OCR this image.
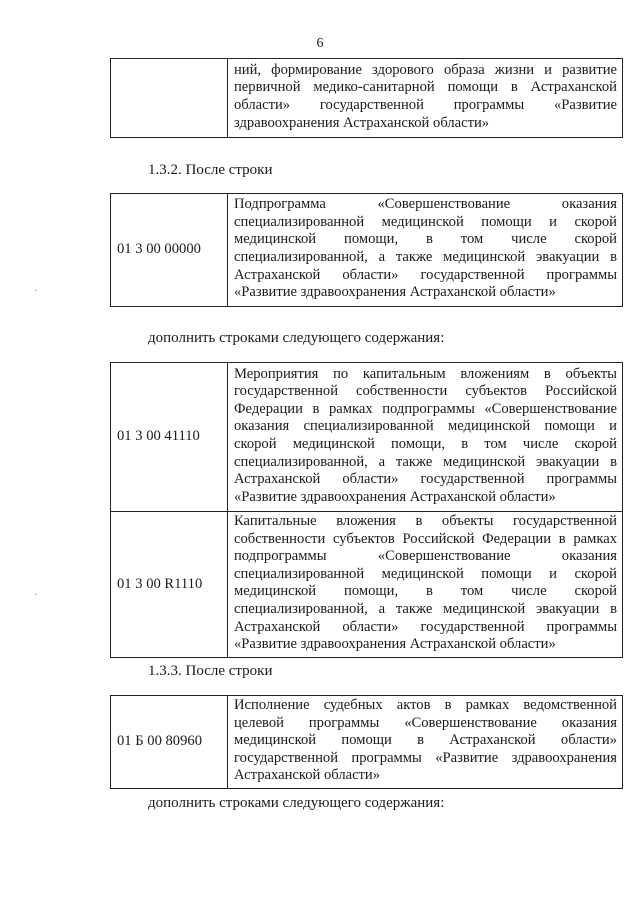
6
	ний, формирование здорового образа жизни и развитие первичной медико-санитарной помощи в Астраханской области» государственной программы «Развитие здравоохранения Астраханской области»
1.3.2. После строки
01 3 00 00000	Подпрограмма «Совершенствование оказания специализированной медицинской помощи и скорой медицинской помощи, в том числе скорой специализированной, а также медицинской эвакуации в Астраханской области» государственной программы «Развитие здравоохранения Астраханской области»
дополнить строками следующего содержания:
01 3 00 41110	Мероприятия по капитальным вложениям в объекты государственной собственности субъектов Российской Федерации в рамках подпрограммы «Совершенствование оказания специализированной медицинской помощи и скорой медицинской помощи, в том числе скорой специализированной, а также медицинской эвакуации в Астраханской области» государственной программы «Развитие здравоохранения Астраханской области»
01 3 00 R1110	Капитальные вложения в объекты государственной собственности субъектов Российской Федерации в рамках подпрограммы «Совершенствование оказания специализированной медицинской помощи и скорой медицинской помощи, в том числе скорой специализированной, а также медицинской эвакуации в Астраханской области» государственной программы «Развитие здравоохранения Астраханской области»
1.3.3. После строки
01 Б 00 80960	Исполнение судебных актов в рамках ведомственной целевой программы «Совершенствование оказания медицинской помощи в Астраханской области» государственной программы «Развитие здравоохранения Астраханской области»
дополнить строками следующего содержания:
·
·
